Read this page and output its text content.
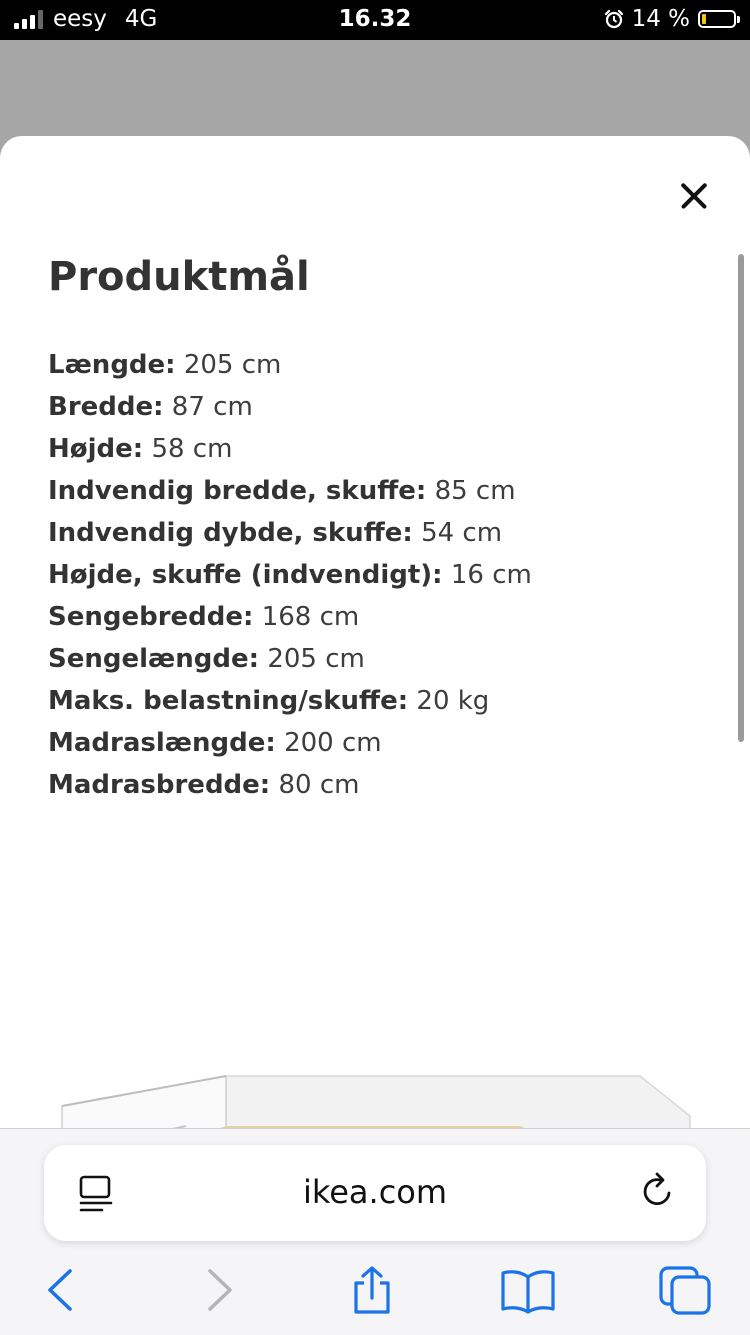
eesy 4G	16.32	14 %
Produktmål
Længde: 205 cm
Bredde: 87 cm
Højde: 58 cm
Indvendig bredde, skuffe: 85 cm
Indvendig dybde, skuffe: 54 cm
Højde, skuffe (indvendigt): 16 cm
Sengebredde: 168 cm
Sengelængde: 205 cm
Maks. belastning/skuffe: 20 kg
Madraslængde: 200 cm
Madrasbredde: 80 cm
ikea.com
